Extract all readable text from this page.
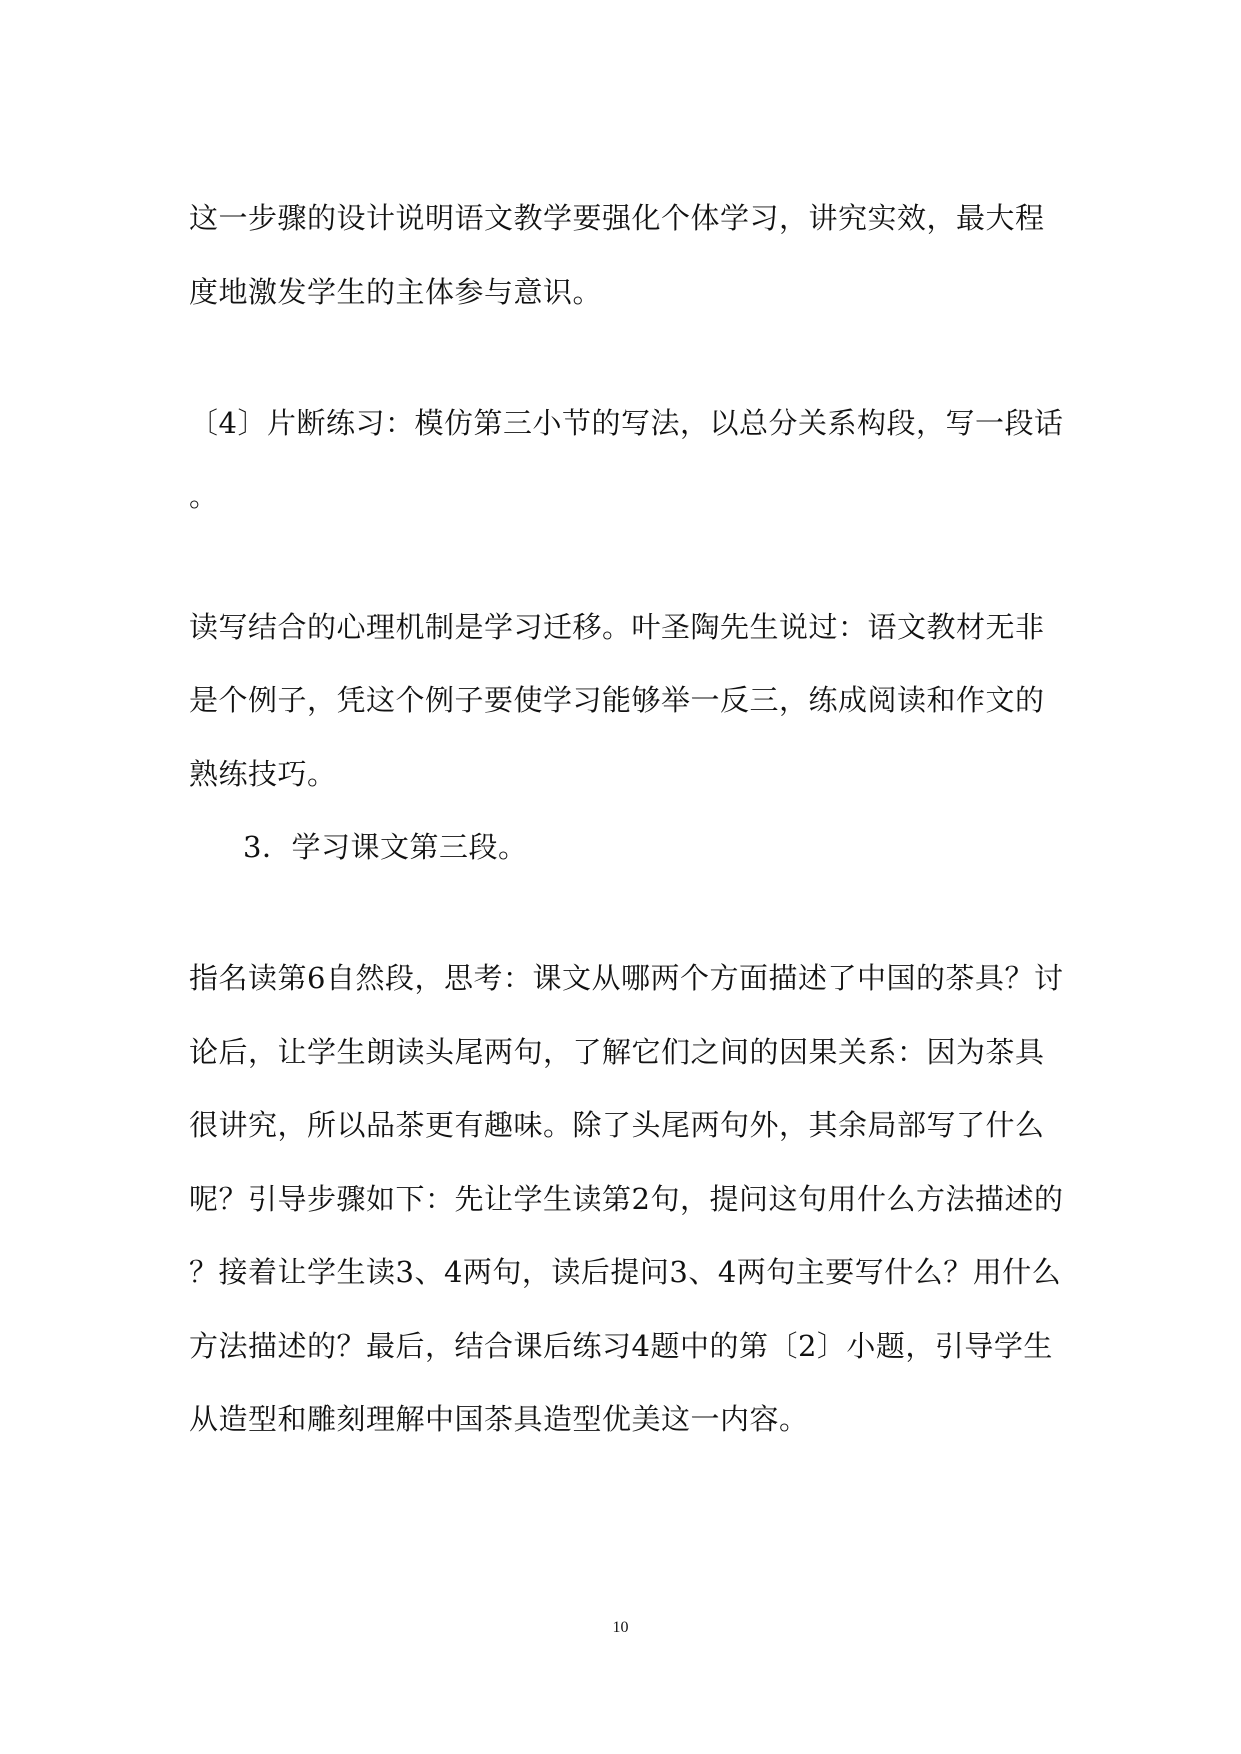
这一步骤的设计说明语文教学要强化个体学习，讲究实效，最大程
度地激发学生的主体参与意识。
〔4〕片断练习：模仿第三小节的写法，以总分关系构段，写一段话
。
读写结合的心理机制是学习迁移。叶圣陶先生说过：语文教材无非
是个例子，凭这个例子要使学习能够举一反三，练成阅读和作文的
熟练技巧。
3．学习课文第三段。
指名读第6自然段，思考：课文从哪两个方面描述了中国的茶具？讨
论后，让学生朗读头尾两句，了解它们之间的因果关系：因为茶具
很讲究，所以品茶更有趣味。除了头尾两句外，其余局部写了什么
呢？引导步骤如下：先让学生读第2句，提问这句用什么方法描述的
？接着让学生读3、4两句，读后提问3、4两句主要写什么？用什么
方法描述的？最后，结合课后练习4题中的第〔2〕小题，引导学生
从造型和雕刻理解中国茶具造型优美这一内容。
10
